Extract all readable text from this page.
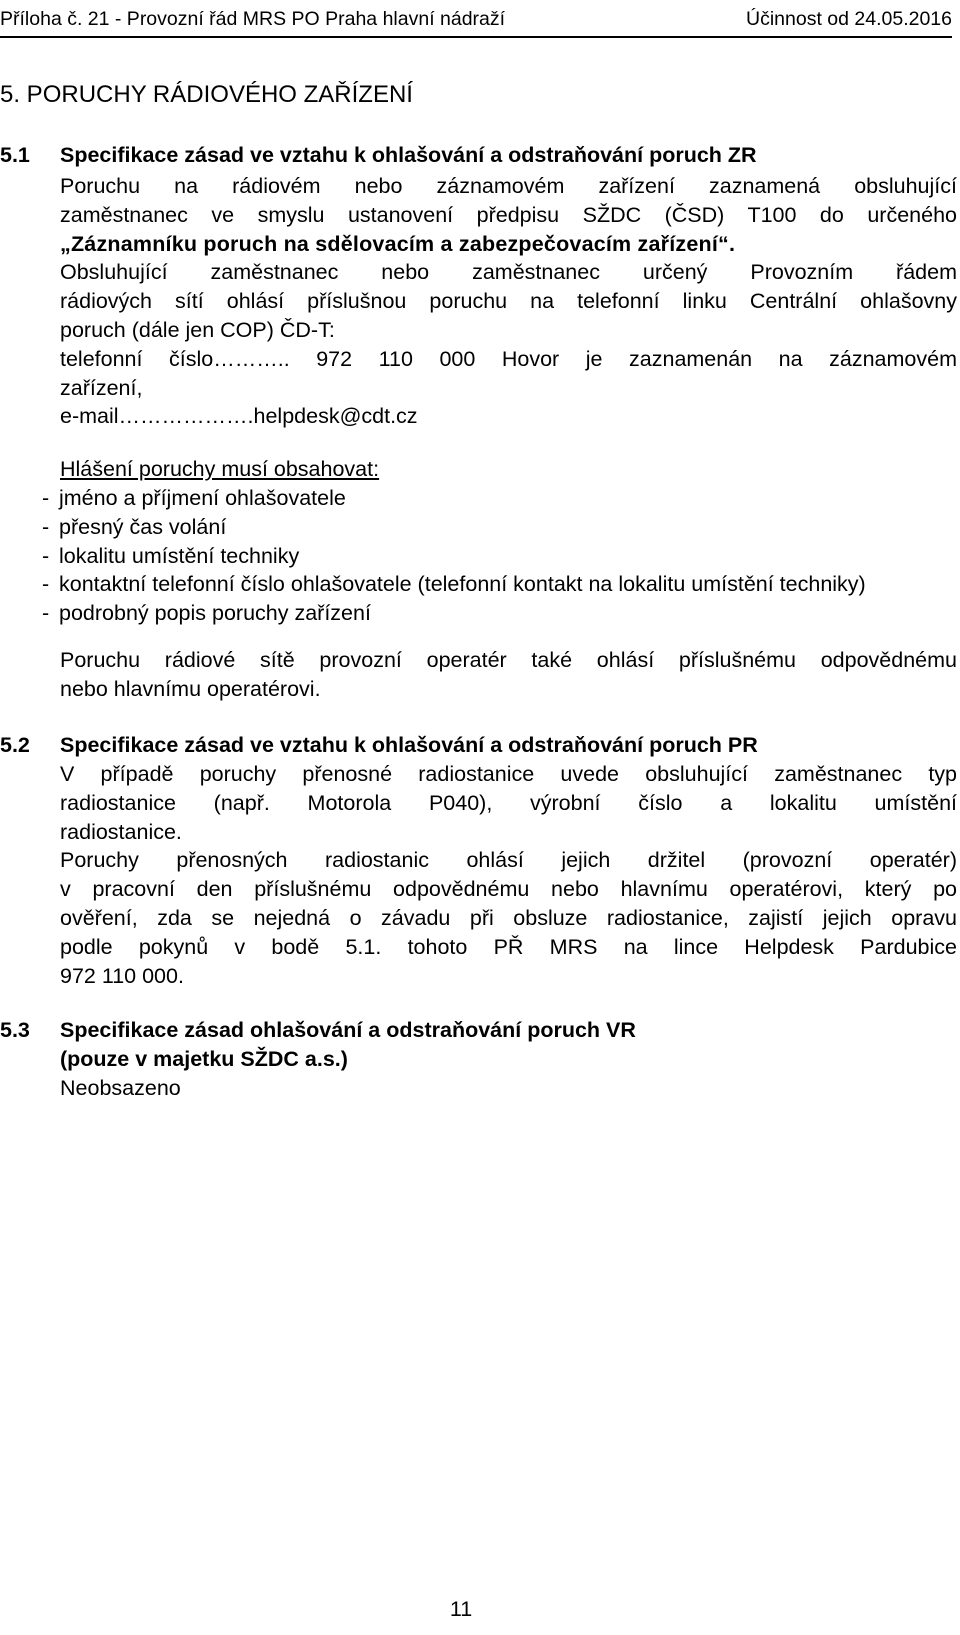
Příloha č. 21 - Provozní řád MRS PO Praha hlavní nádraží	Účinnost od 24.05.2016
5. PORUCHY RÁDIOVÉHO ZAŘÍZENÍ
5.1 Specifikace zásad ve vztahu k ohlašování a odstraňování poruch ZR
Poruchu na rádiovém nebo záznamovém zařízení zaznamená obsluhující
zaměstnanec ve smyslu ustanovení předpisu SŽDC (ČSD) T100 do určeného
„Záznamníku poruch na sdělovacím a zabezpečovacím zařízení“.
Obsluhující zaměstnanec nebo zaměstnanec určený Provozním řádem
rádiových sítí ohlásí příslušnou poruchu na telefonní linku Centrální ohlašovny
poruch (dále jen COP) ČD-T:
telefonní číslo……….. 972 110 000 Hovor je zaznamenán na záznamovém
zařízení,
e-mail……………….helpdesk@cdt.cz
Hlášení poruchy musí obsahovat:
- jméno a příjmení ohlašovatele
- přesný čas volání
- lokalitu umístění techniky
- kontaktní telefonní číslo ohlašovatele (telefonní kontakt na lokalitu umístění techniky)
- podrobný popis poruchy zařízení
Poruchu rádiové sítě provozní operatér také ohlásí příslušnému odpovědnému
nebo hlavnímu operatérovi.
5.2 Specifikace zásad ve vztahu k ohlašování a odstraňování poruch PR
V případě poruchy přenosné radiostanice uvede obsluhující zaměstnanec typ
radiostanice (např. Motorola P040), výrobní číslo a lokalitu umístění
radiostanice.
Poruchy přenosných radiostanic ohlásí jejich držitel (provozní operatér)
v pracovní den příslušnému odpovědnému nebo hlavnímu operatérovi, který po
ověření, zda se nejedná o závadu při obsluze radiostanice, zajistí jejich opravu
podle pokynů v bodě 5.1. tohoto PŘ MRS na lince Helpdesk Pardubice
972 110 000.
5.3 Specifikace zásad ohlašování a odstraňování poruch VR
(pouze v majetku SŽDC a.s.)
Neobsazeno
11
